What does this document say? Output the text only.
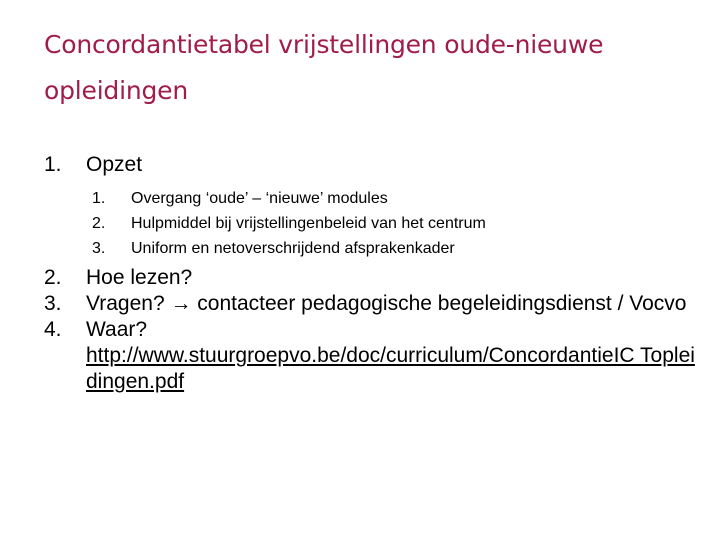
Concordantietabel vrijstellingen oude-nieuwe opleidingen
1.	Opzet
1.	Overgang ‘oude’ – ‘nieuwe’ modules
2.	Hulpmiddel bij vrijstellingenbeleid van het centrum
3.	Uniform en netoverschrijdend afsprakenkader
2.	Hoe lezen?
3.	Vragen? → contacteer pedagogische begeleidingsdienst / Vocvo
4.	Waar?
http://www.stuurgroepvo.be/doc/curriculum/ConcordantieIC Topleidingen.pdf
